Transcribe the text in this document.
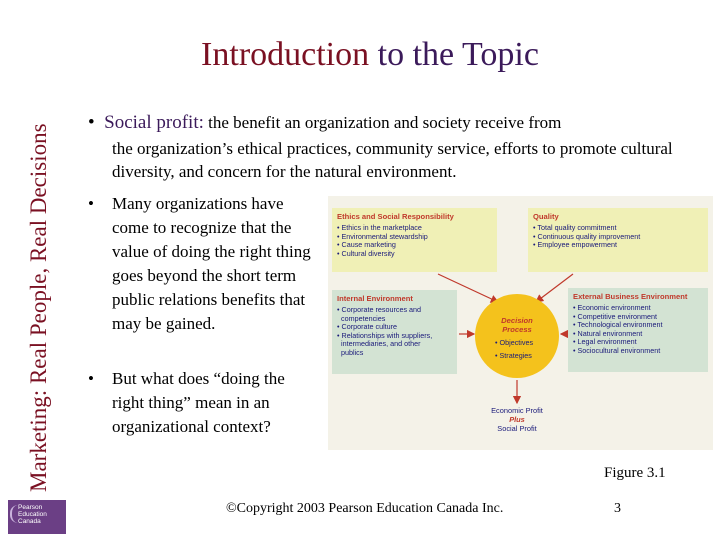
Marketing: Real People, Real Decisions
Pearson
Education
Canada
Introduction to the Topic
•  Social profit: the benefit an organization and society receive from
the organization’s ethical practices, community service, efforts to promote cultural diversity, and concern for the natural environment.
•	Many organizations have come to recognize that the value of doing the right thing goes beyond the short term public relations benefits that may be gained.
•	But what does “doing the right thing” mean in an organizational context?
Ethics and Social Responsibility
• Ethics in the marketplace
• Environmental stewardship
• Cause marketing
• Cultural diversity
Quality
• Total quality commitment
• Continuous quality improvement
• Employee empowerment
Internal Environment
• Corporate resources and
competencies
• Corporate culture
• Relationships with suppliers,
intermediaries, and other
publics
External Business Environment
• Economic environment
• Competitive environment
• Technological environment
• Natural environment
• Legal environment
• Sociocultural environment
Decision
Process
• Objectives
• Strategies
Economic Profit
Plus
Social Profit
Figure 3.1
©Copyright 2003 Pearson Education Canada Inc.	3
